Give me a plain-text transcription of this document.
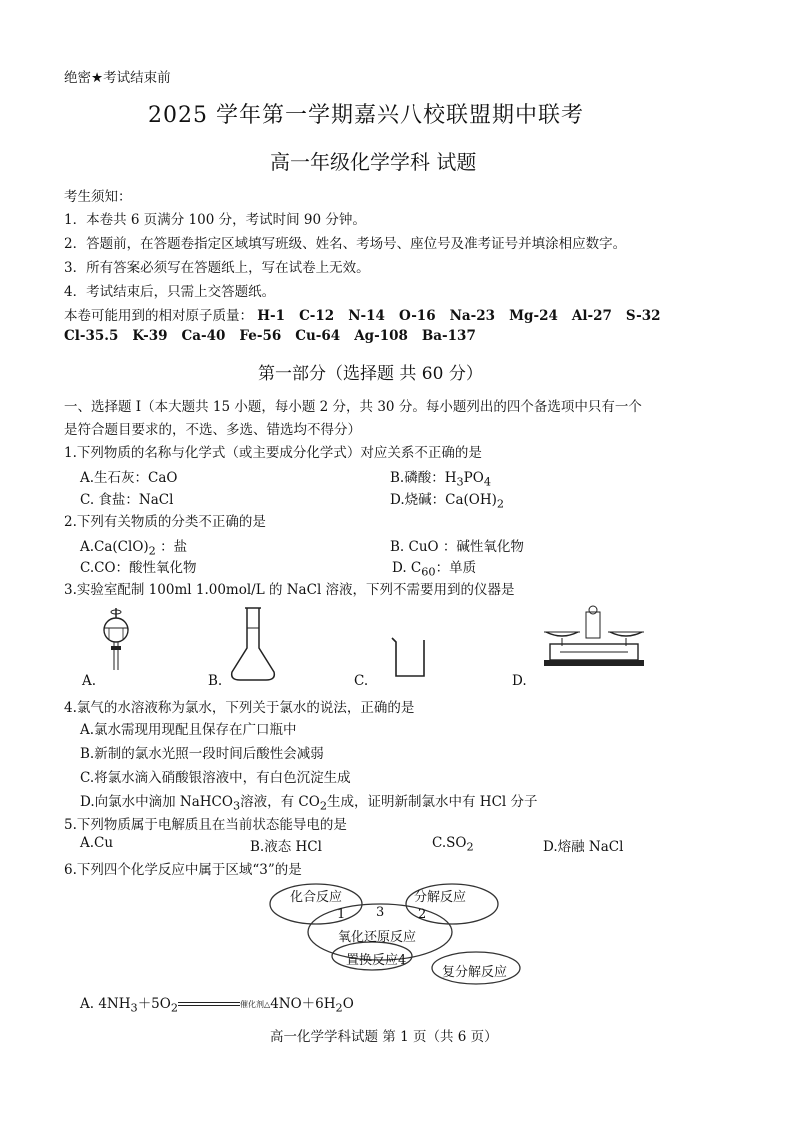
绝密★考试结束前
2025 学年第一学期嘉兴八校联盟期中联考
高一年级化学学科 试题
考生须知：
1．本卷共 6 页满分 100 分，考试时间 90 分钟。
2．答题前，在答题卷指定区域填写班级、姓名、考场号、座位号及准考证号并填涂相应数字。
3．所有答案必须写在答题纸上，写在试卷上无效。
4．考试结束后，只需上交答题纸。
本卷可能用到的相对原子质量： H-1 C-12 N-14 O-16 Na-23 Mg-24 Al-27 S-32
Cl-35.5 K-39 Ca-40 Fe-56 Cu-64 Ag-108 Ba-137
第一部分（选择题 共 60 分）
一、选择题 I（本大题共 15 小题，每小题 2 分，共 30 分。每小题列出的四个备选项中只有一个
是符合题目要求的，不选、多选、错选均不得分）
1.下列物质的名称与化学式（或主要成分化学式）对应关系不正确的是
A.生石灰：CaO	B.磷酸：$H_3PO_4$
C. 食盐：NaCl	D.烧碱：$Ca(OH)_2$
2.下列有关物质的分类不正确的是
$A.Ca(ClO)_2$ ：盐	B. CuO ：碱性氧化物
C.CO：酸性氧化物	D. $C_{60}$：单质
3.实验室配制 100ml 1.00mol/L 的 NaCl 溶液，下列不需要用到的仪器是
A.	B.	C.	D.
4.氯气的水溶液称为氯水，下列关于氯水的说法，正确的是
A.氯水需现用现配且保存在广口瓶中
B.新制的氯水光照一段时间后酸性会减弱
C.将氯水滴入硝酸银溶液中，有白色沉淀生成
D.向氯水中滴加 NaHCO$_3$溶液，有 $CO_2$生成，证明新制氯水中有 HCl 分子
5.下列物质属于电解质且在当前状态能导电的是
A.Cu	B.液态 HCl	$C.SO_2$	D.熔融 NaCl
6.下列四个化学反应中属于区域“3”的是
化合反应	分解反应
1 3	2
氧化还原反应
置换反应4
复分解反应
A. $4NH_3+5O_2$	催化剂$\triangle 4NO+6H_2O$
高一化学学科试题 第 1 页（共 6 页）
